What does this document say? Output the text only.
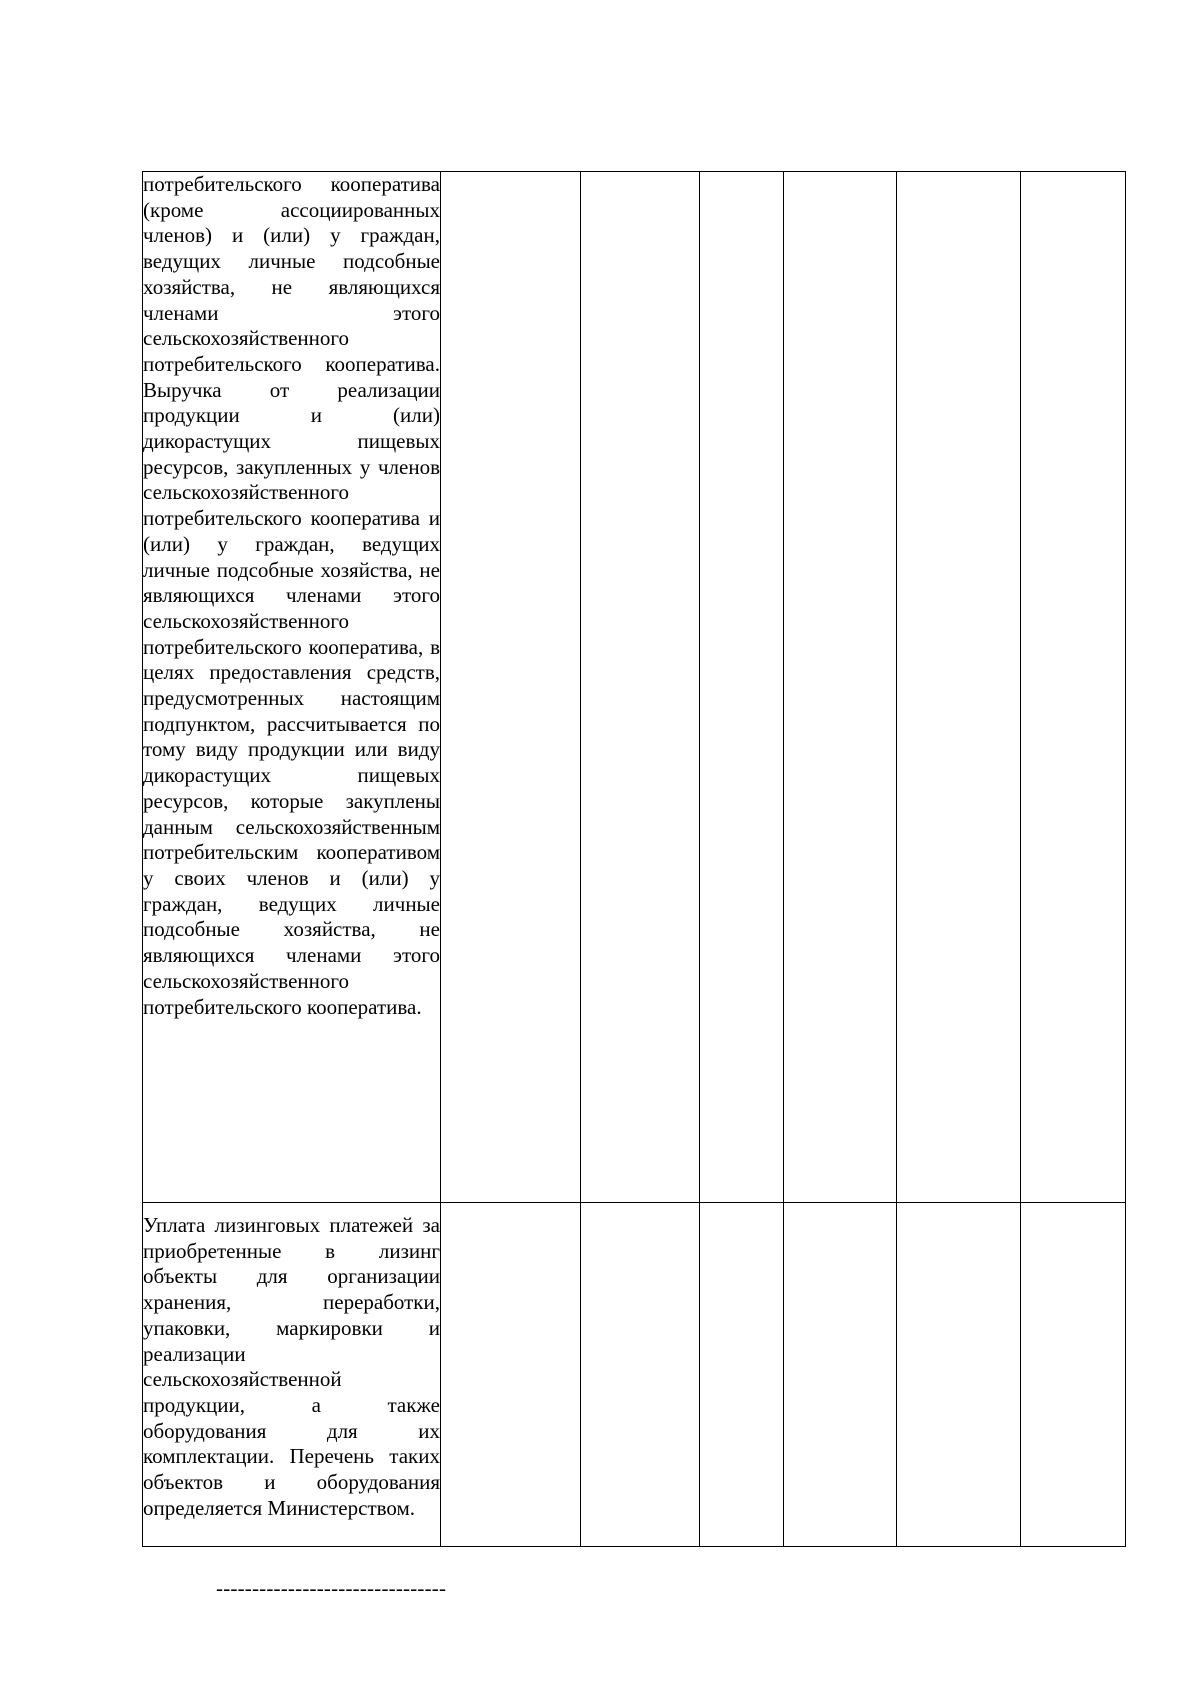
потребительского кооператива (кроме ассоциированных членов) и (или) у граждан, ведущих личные подсобные хозяйства, не являющихся членами этого сельскохозяйственного потребительского кооператива. Выручка от реализации продукции и (или) дикорастущих пищевых ресурсов, закупленных у членов сельскохозяйственного потребительского кооператива и (или) у граждан, ведущих личные подсобные хозяйства, не являющихся членами этого сельскохозяйственного потребительского кооператива, в целях предоставления средств, предусмотренных настоящим подпунктом, рассчитывается по тому виду продукции или виду дикорастущих пищевых ресурсов, которые закуплены данным сельскохозяйственным потребительским кооперативом у своих членов и (или) у граждан, ведущих личные подсобные хозяйства, не являющихся членами этого сельскохозяйственного потребительского кооператива.						
Уплата лизинговых платежей за приобретенные в лизинг объекты для организации хранения, переработки, упаковки, маркировки и реализации сельскохозяйственной продукции, а также оборудования для их комплектации. Перечень таких объектов и оборудования определяется Министерством.						
--------------------------------
